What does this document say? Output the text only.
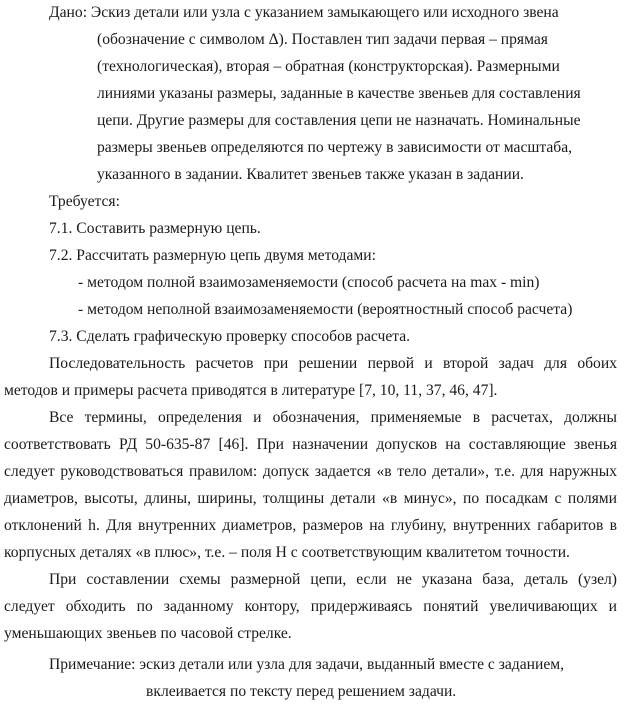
Дано: Эскиз детали или узла с указанием замыкающего или исходного звена
(обозначение с символом Δ). Поставлен тип задачи первая – прямая
(технологическая), вторая – обратная (конструкторская). Размерными
линиями указаны размеры, заданные в качестве звеньев для составления
цепи. Другие размеры для составления цепи не назначать. Номинальные
размеры звеньев определяются по чертежу в зависимости от масштаба,
указанного в задании. Квалитет звеньев также указан в задании.
Требуется:
7.1. Составить размерную цепь.
7.2. Рассчитать размерную цепь двумя методами:
- методом полной взаимозаменяемости (способ расчета на max - min)
- методом неполной взаимозаменяемости (вероятностный способ расчета)
7.3. Сделать графическую проверку способов расчета.
Последовательность расчетов при решении первой и второй задач для обоих
методов и примеры расчета приводятся в литературе [7, 10, 11, 37, 46, 47].
Все термины, определения и обозначения, применяемые в расчетах, должны
соответствовать РД 50-635-87 [46]. При назначении допусков на составляющие звенья
следует руководствоваться правилом: допуск задается «в тело детали», т.е. для наружных
диаметров, высоты, длины, ширины, толщины детали «в минус», по посадкам с полями
отклонений h. Для внутренних диаметров, размеров на глубину, внутренних габаритов в
корпусных деталях «в плюс», т.е. – поля H с соответствующим квалитетом точности.
При составлении схемы размерной цепи, если не указана база, деталь (узел)
следует обходить по заданному контору, придерживаясь понятий увеличивающих и
уменьшающих звеньев по часовой стрелке.
Примечание: эскиз детали или узла для задачи, выданный вместе с заданием,
вклеивается по тексту перед решением задачи.
